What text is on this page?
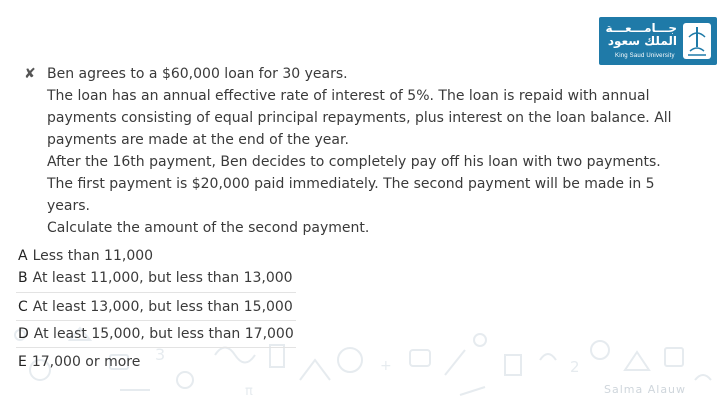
3
+	2
π
جـــامـــعـــة
الملك سعود
King Saud University
✘ Ben agrees to a $60,000 loan for 30 years.
The loan has an annual effective rate of interest of 5%. The loan is repaid with annual
payments consisting of equal principal repayments, plus interest on the loan balance. All
payments are made at the end of the year.
After the 16th payment, Ben decides to completely pay off his loan with two payments.
The first payment is $20,000 paid immediately. The second payment will be made in 5
years.
Calculate the amount of the second payment.
A Less than 11,000
B At least 11,000, but less than 13,000
C At least 13,000, but less than 15,000
D At least 15,000, but less than 17,000
E 17,000 or more
Salma Alauw
